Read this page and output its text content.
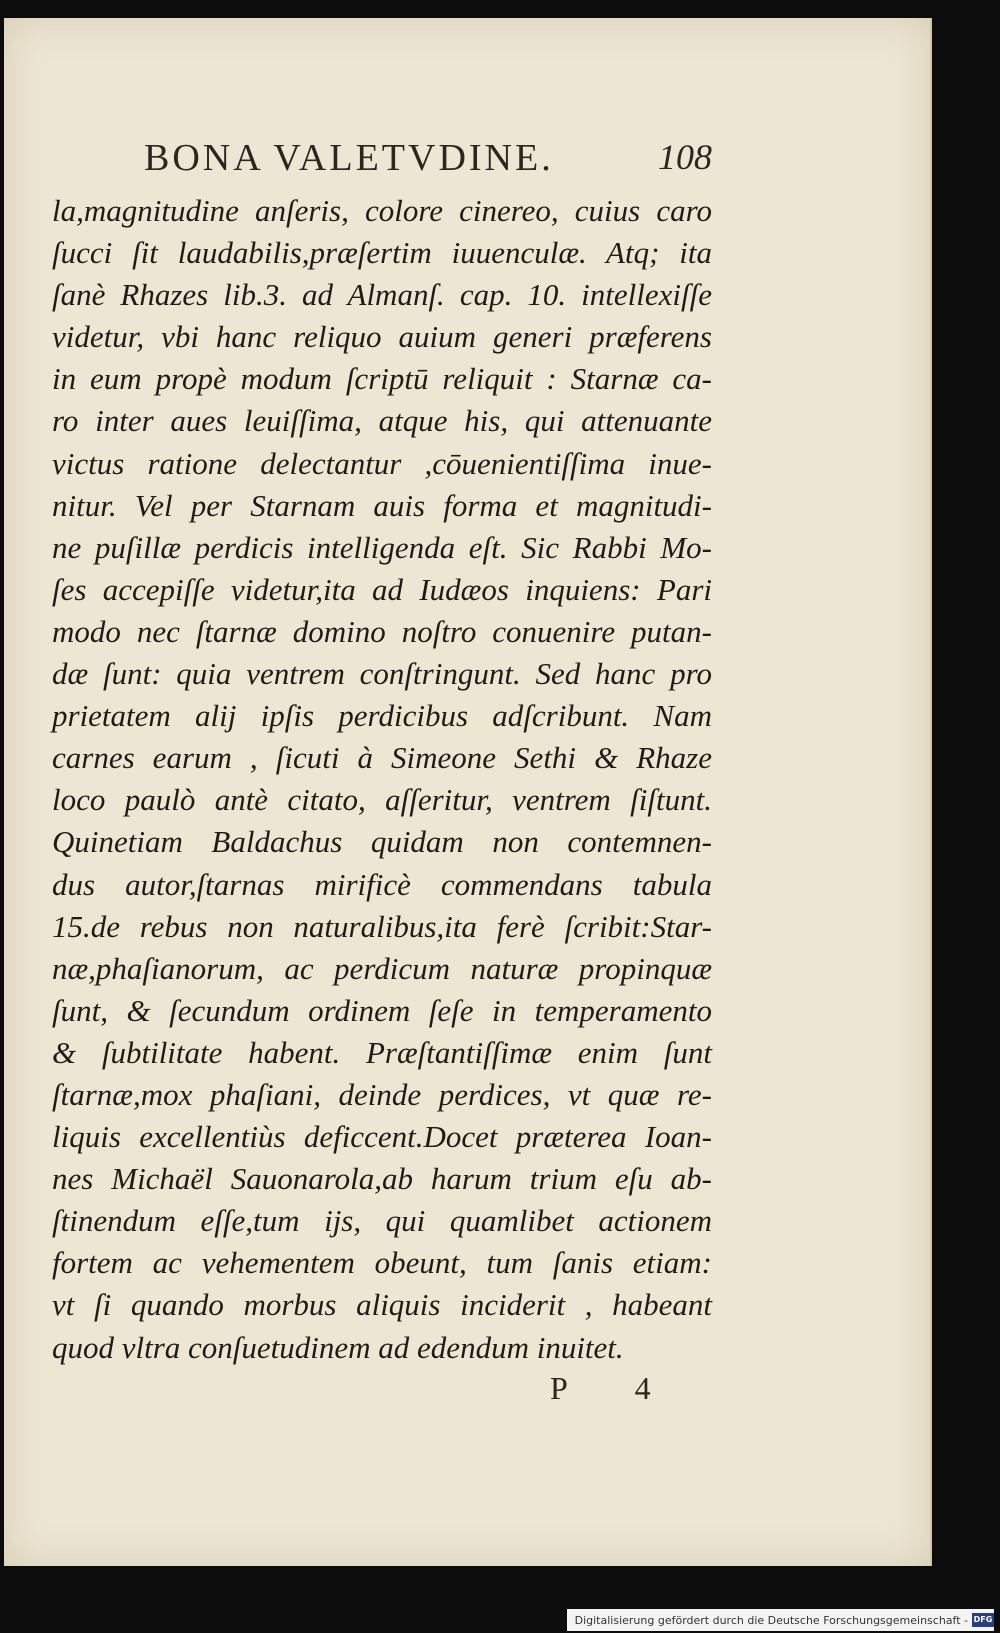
BONA VALETVDINE.	108
la,magnitudine anſeris, colore cinereo, cuius caro
ſucci ſit laudabilis,præſertim iuuenculæ. Atq; ita
ſanè Rhazes lib.3. ad Almanſ. cap. 10. intellexiſſe
videtur, vbi hanc reliquo auium generi præferens
in eum propè modum ſcriptū reliquit : Starnæ ca-
ro inter aues leuiſſima, atque his, qui attenuante
victus ratione delectantur ,cōuenientiſſima inue-
nitur. Vel per Starnam auis forma et magnitudi-
ne puſillæ perdicis intelligenda eſt. Sic Rabbi Mo-
ſes accepiſſe videtur,ita ad Iudæos inquiens: Pari
modo nec ſtarnæ domino noſtro conuenire putan-
dæ ſunt: quia ventrem conſtringunt. Sed hanc pro
prietatem alij ipſis perdicibus adſcribunt. Nam
carnes earum , ſicuti à Simeone Sethi & Rhaze
loco paulò antè citato, aſſeritur, ventrem ſiſtunt.
Quinetiam Baldachus quidam non contemnen-
dus autor,ſtarnas mirificè commendans tabula
15.de rebus non naturalibus,ita ferè ſcribit:Star-
næ,phaſianorum, ac perdicum naturæ propinquæ
ſunt, & ſecundum ordinem ſeſe in temperamento
& ſubtilitate habent. Præſtantiſſimæ enim ſunt
ſtarnæ,mox phaſiani, deinde perdices, vt quæ re-
liquis excellentiùs deficcent.Docet præterea Ioan-
nes Michaël Sauonarola,ab harum trium eſu ab-
ſtinendum eſſe,tum ijs, qui quamlibet actionem
fortem ac vehementem obeunt, tum ſanis etiam:
vt ſi quando morbus aliquis inciderit , habeant
quod vltra conſuetudinem ad edendum inuitet.
P 4
Digitalisierung gefördert durch die Deutsche Forschungsgemeinschaft - DFG
